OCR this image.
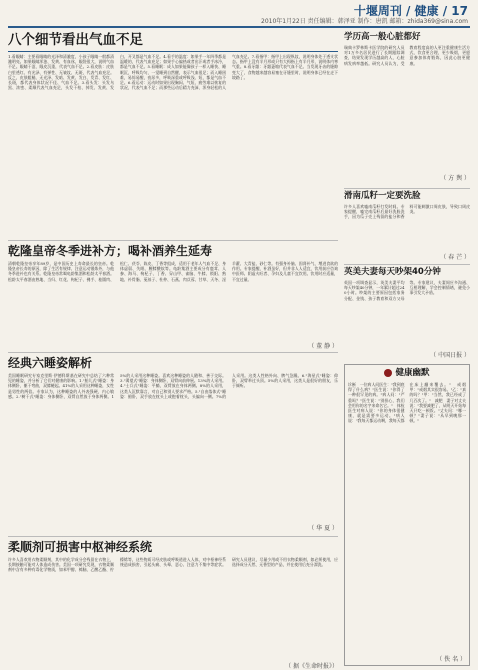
十堰周刊 / 健康 / 17
2010年1月22日 责任编辑：韩泽亚 制作：唐凯 邮箱：zhida369@sina.com
八个细节看出气血不足
1.看眼睛：主要看眼睛的光泽和清澈度，小孩子眼睛一般都清澈明亮。如果眼睛浑浊、发黄、有血丝，眼袋很大，说明气血不足。眼睛干涩、眼皮沉重，代表气血不足。2.看皮肤：皮肤白里透红、有光泽、有弹性、无皱纹、无斑，代表气血充足。反之，皮肤粗糙、无光泽、发暗、发黄、发白、发青、发红、长斑，都代表身体状况不佳、气血不足。3.看头发：头发乌黑、浓密、柔顺代表气血充足，头发干枯、掉发、发黄、发白、开叉都是气血不足。4.看手的温度：如果手一年四季都是温暖的，代表气血充足；如果手心偏热或者出汗或者手冰冷，都是气血不足。5.看睡眠：成人如果能像孩子一样入睡快、睡眠沉，呼吸均匀，一觉睡到自然醒，表示气血很足；而入睡困难，易惊易醒，夜尿多，呼吸深重或呼吸浅、短，都是气血不足。6.看运动：运动时如果出现胸闷、气短、疲劳难以恢复的状况，代表气血不足；而那些运动后精力充沛、浑身轻松的人气血充足。7.看指甲：指甲上出现纵纹，说明身体处于透支状态。指甲上没有半月形或只有大拇指上有半月形，说明体内寒气重。8.看牙龈：牙龈萎缩代表气血不足。当发现牙齿的缝隙变大了，食物越来越容易塞在牙缝里时，说明身体已经在走下坡路了。
乾隆皇帝冬季进补方；喝补酒养生延寿
清朝乾隆皇帝享年89岁，是中国历史上寿命最长的皇帝。乾隆皇帝长寿的原因，除了生活有规律、注意运动锻炼外，与他冬季进补也有关系。乾隆皇帝常喝龟龄集酒和松龄太平春酒。松龄太平春酒由熟地、当归、红花、枸杞子、佛手、桂圆肉、松仁、茯苓、陈皮、丁香等组成，适用于老年人气血不足、身体虚弱、失眠、腰膝酸软等。龟龄集酒主要成分有鹿茸、人参、海马、枸杞子、丁香、穿山甲、雀脑、牛膝、锁阳、熟地、补骨脂、菟丝子、杜仲、石燕、肉苁蓉、甘草、天冬、淫羊藿、大青盐、砂仁等。有强身补脑、固肾补气、增进食欲的作用。专家提醒，补酒虽好，但并非人人适宜，饮用前应咨询中医师。阴虚火旺者、孕妇及儿童不宜饮用。饮用时应适量，不宜过量。
（ 董 静 ）
经典六睡姿解析
美国睡眠研究专家克里斯·伊德科斯基在研究中总结了六种常见的睡姿，并分析了它们对健康的影响。1."胎儿式"睡姿：身体侧卧，躯干弯曲，双膝蜷起。41%的人采用这种睡姿，女性是男性的两倍。专家认为，这种睡姿的人外表强硬，内心敏感。2."树干式"睡姿：身体侧卧，双臂自然放于身体两侧。15%的人采用这种睡姿。喜欢这种睡姿的人随和、善于交际。3."渴望式"睡姿：身体侧卧，双臂向前伸展。13%的人采用。4."士兵式"睡姿：平躺，双臂放在身体两侧。8%的人采用，这类人沉默寡言，对自己和别人要求严格。5."自由落体式"睡姿：俯卧，双手放在枕头上或抱着枕头，头偏向一侧。7%的人采用。这类人性格外向、脾气急躁。6."海星式"睡姿：仰卧，双臂举过头顶。5%的人采用，这类人是很好的朋友，乐于倾听。
（ 华 夏 ）
柔顺剂可损害中枢神经系统
许多人喜欢用衣物柔顺剂，其中的化学成分会残留在衣物上，长期接触可能对人体造成伤害。美国一项研究发现，衣物柔顺剂中含有多种有毒化学物质，如苯甲醇、樟脑、乙酸乙酯、柠檬烯等，这些物质可经皮肤或呼吸道进入人体，对中枢神经系统造成损害，引起头痛、头晕、恶心、注意力不集中等症状。研究人员建议，尽量少用或不用衣物柔顺剂，如必须使用，应选择成分天然、无香型的产品，并在使用后充分漂洗。
（ 据《生命时报》）
学历高一般心脏都好
瑞典卡罗林斯卡医学院的研究人员对1万多名居民进行了长期跟踪调查，结果发现学历越高的人，心脏病发病率越低。研究人员认为，受教育程度高的人更注重健康生活方式，饮食更合理，更少吸烟，更愿意参加体育锻炼，因此心脏更健康。
（ 方 舆 ）
滑南瓜籽一定要洗脸
许多人喜欢嗑南瓜籽打发时间。专家提醒，嗑完南瓜籽后最好洗脸洗手，因为瓜子壳上残留的盐分和香料可能刺激口周皮肤，导致口周皮炎。
（ 春 芒 ）
英美夫妻每天吵架40分钟
英国一项调查显示，英美夫妻平均每天吵架40分钟，一年累计超过240小时。吵架的主要原因包括家务分配、金钱、孩子教育和双方父母等。专家建议，夫妻间应多沟通、互相理解，学会控制情绪，避免小事引发大矛盾。
（ 中国日报 ）
健康幽默
诊断　一位病人问医生："我到底得了什么病？"医生说："你得了一种很罕见的病。"病人问："严重吗？"医生说："别担心，我们会用你的名字来命名它。"　体检　医生对病人说："你的身体很健康，就是需要多运动。"病人说："我每天都运动啊，我每天都在床上翻来覆去。"　戒烟　甲："戒烟其实很容易。"乙："真的吗？"甲："当然，我已经戒了几百次了。"　减肥　妻子对丈夫说："我要减肥了，从明天开始每天只吃一顿饭。"丈夫问："哪一顿？"妻子说："从早到晚那一顿。"
（ 佚 名 ）
